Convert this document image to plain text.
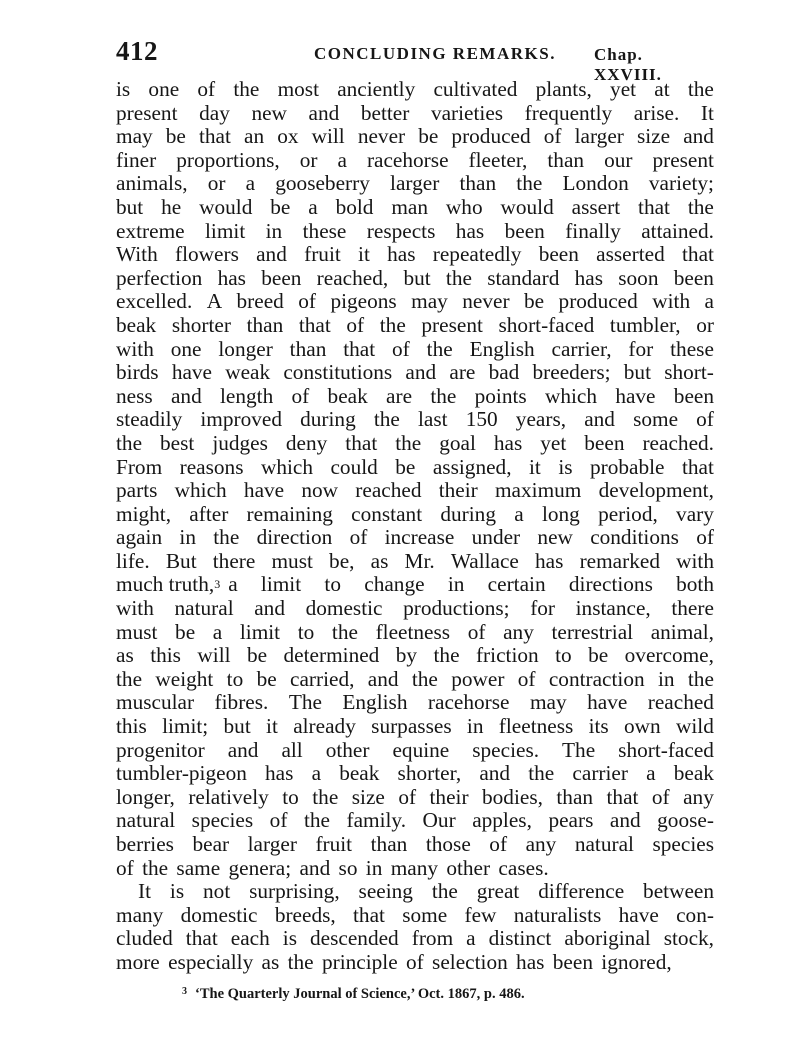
412	CONCLUDING REMARKS. Chap. XXVIII.
is one of the most anciently cultivated plants, yet at the
present day new and better varieties frequently arise. It
may be that an ox will never be produced of larger size and
finer proportions, or a racehorse fleeter, than our present
animals, or a gooseberry larger than the London variety;
but he would be a bold man who would assert that the
extreme limit in these respects has been finally attained.
With flowers and fruit it has repeatedly been asserted that
perfection has been reached, but the standard has soon been
excelled. A breed of pigeons may never be produced with a
beak shorter than that of the present short-faced tumbler, or
with one longer than that of the English carrier, for these
birds have weak constitutions and are bad breeders; but short-
ness and length of beak are the points which have been
steadily improved during the last 150 years, and some of
the best judges deny that the goal has yet been reached.
From reasons which could be assigned, it is probable that
parts which have now reached their maximum development,
might, after remaining constant during a long period, vary
again in the direction of increase under new conditions of
life. But there must be, as Mr. Wallace has remarked with
much truth,$^3$ a limit to change in certain directions both
with natural and domestic productions; for instance, there
must be a limit to the fleetness of any terrestrial animal,
as this will be determined by the friction to be overcome,
the weight to be carried, and the power of contraction in the
muscular fibres. The English racehorse may have reached
this limit; but it already surpasses in fleetness its own wild
progenitor and all other equine species. The short-faced
tumbler-pigeon has a beak shorter, and the carrier a beak
longer, relatively to the size of their bodies, than that of any
natural species of the family. Our apples, pears and goose-
berries bear larger fruit than those of any natural species
of the same genera; and so in many other cases.
It is not surprising, seeing the great difference between
many domestic breeds, that some few naturalists have con-
cluded that each is descended from a distinct aboriginal stock,
more especially as the principle of selection has been ignored,
$^3$ ‘The Quarterly Journal of Science,’ Oct. 1867, p. 486.
